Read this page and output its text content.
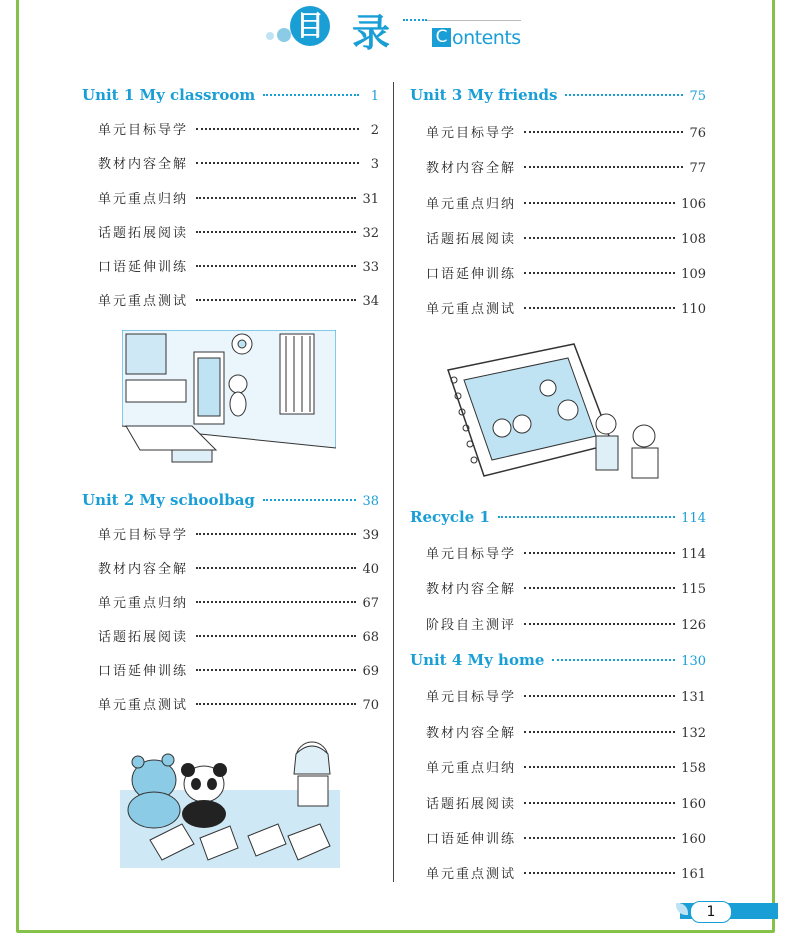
目 录	C ontents
Unit 1 My classroom	1
单元目标导学	2
教材内容全解	3
单元重点归纳	31
话题拓展阅读	32
口语延伸训练	33
单元重点测试	34
Unit 2 My schoolbag	38
单元目标导学	39
教材内容全解	40
单元重点归纳	67
话题拓展阅读	68
口语延伸训练	69
单元重点测试	70
Unit 3 My friends	75
单元目标导学	76
教材内容全解	77
单元重点归纳	106
话题拓展阅读	108
口语延伸训练	109
单元重点测试	110
Recycle 1	114
单元目标导学	114
教材内容全解	115
阶段自主测评	126
Unit 4 My home	130
单元目标导学	131
教材内容全解	132
单元重点归纳	158
话题拓展阅读	160
口语延伸训练	160
单元重点测试	161
1
